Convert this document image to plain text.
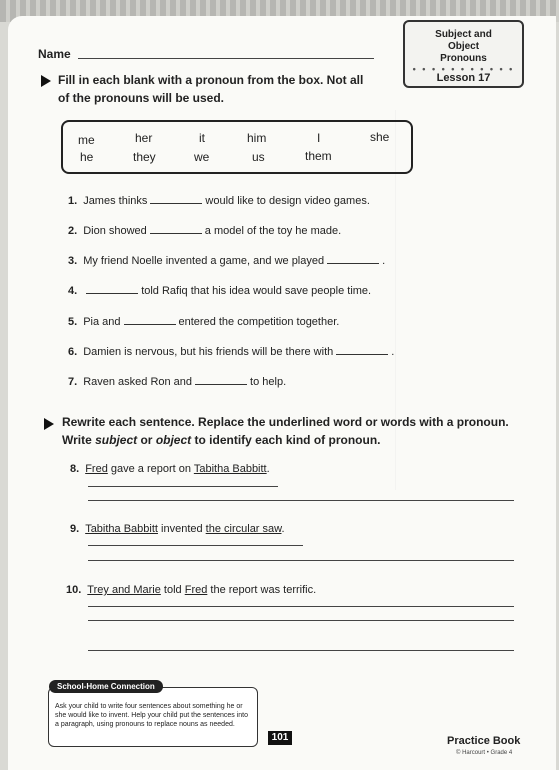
Subject and
Object
Pronouns
• • • • • • • • • • •
Lesson 17
Name
Fill in each blank with a pronoun from the box. Not all
of the pronouns will be used.
me	her	it	him	I	she
he	they	we	us	them
1. James thinks	would like to design video games.
2. Dion showed	a model of the toy he made.
3. My friend Noelle invented a game, and we played	.
4.	told Rafiq that his idea would save people time.
5. Pia and	entered the competition together.
6. Damien is nervous, but his friends will be there with	.
7. Raven asked Ron and	to help.
Rewrite each sentence. Replace the underlined word or words with a pronoun.
Write subject or object to identify each kind of pronoun.
8. Fred gave a report on Tabitha Babbitt.
9. Tabitha Babbitt invented the circular saw.
10. Trey and Marie told Fred the report was terrific.
School-Home Connection
Ask your child to write four sentences about something he or she would like to invent. Help your child put the sentences into a paragraph, using pronouns to replace nouns as needed.
101	Practice Book
© Harcourt • Grade 4
